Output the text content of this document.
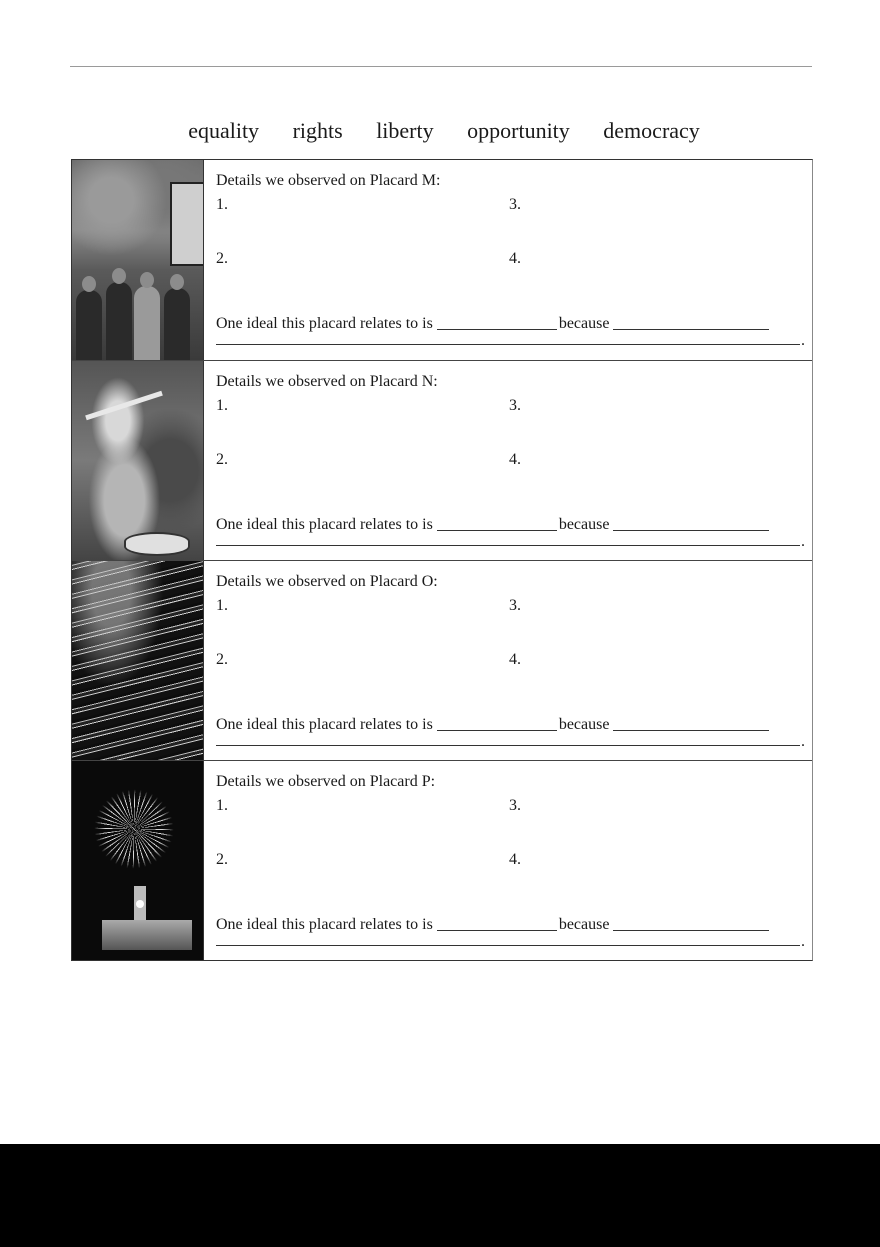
equality rights liberty opportunity democracy
Details we observed on Placard M:
1.
2.
3.
4.
One ideal this placard relates to is	because
.
Details we observed on Placard N:
1.
2.
3.
4.
One ideal this placard relates to is	because
.
Details we observed on Placard O:
1.
2.
3.
4.
One ideal this placard relates to is	because
.
Details we observed on Placard P:
1.
2.
3.
4.
One ideal this placard relates to is	because
.
